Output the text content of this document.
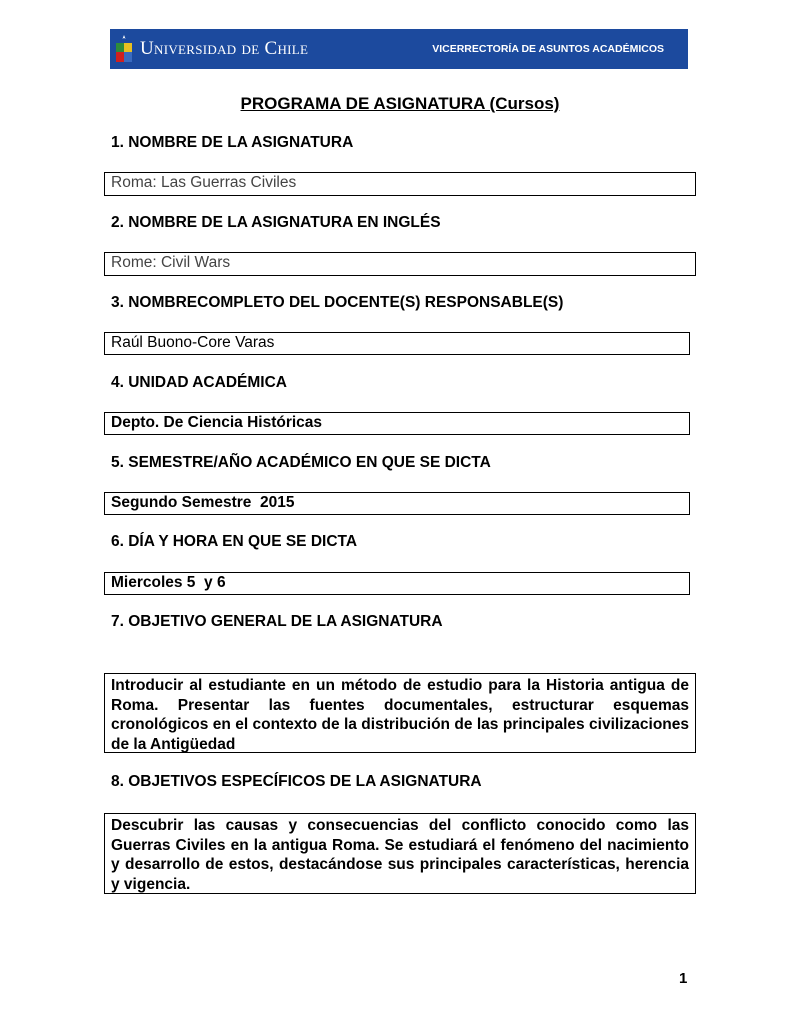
Universidad de Chile	VICERRECTORÍA DE ASUNTOS ACADÉMICOS
PROGRAMA DE ASIGNATURA (Cursos)
1. NOMBRE DE LA ASIGNATURA
Roma: Las Guerras Civiles
2. NOMBRE DE LA ASIGNATURA EN INGLÉS
Rome: Civil Wars
3. NOMBRECOMPLETO DEL DOCENTE(S) RESPONSABLE(S)
Raúl Buono-Core Varas
4. UNIDAD ACADÉMICA
Depto. De Ciencia Históricas
5. SEMESTRE/AÑO ACADÉMICO EN QUE SE DICTA
Segundo Semestre  2015
6. DÍA Y HORA EN QUE SE DICTA
Miercoles 5  y 6
7. OBJETIVO GENERAL DE LA ASIGNATURA
Introducir al estudiante en un método de estudio para la Historia antigua de Roma. Presentar las fuentes documentales, estructurar esquemas cronológicos en el contexto de la distribución de las principales civilizaciones de la Antigüedad
8. OBJETIVOS ESPECÍFICOS DE LA ASIGNATURA
Descubrir las causas y consecuencias del conflicto conocido como las Guerras Civiles en la antigua Roma. Se estudiará el fenómeno del nacimiento y desarrollo de estos, destacándose sus principales características, herencia y vigencia.
1
